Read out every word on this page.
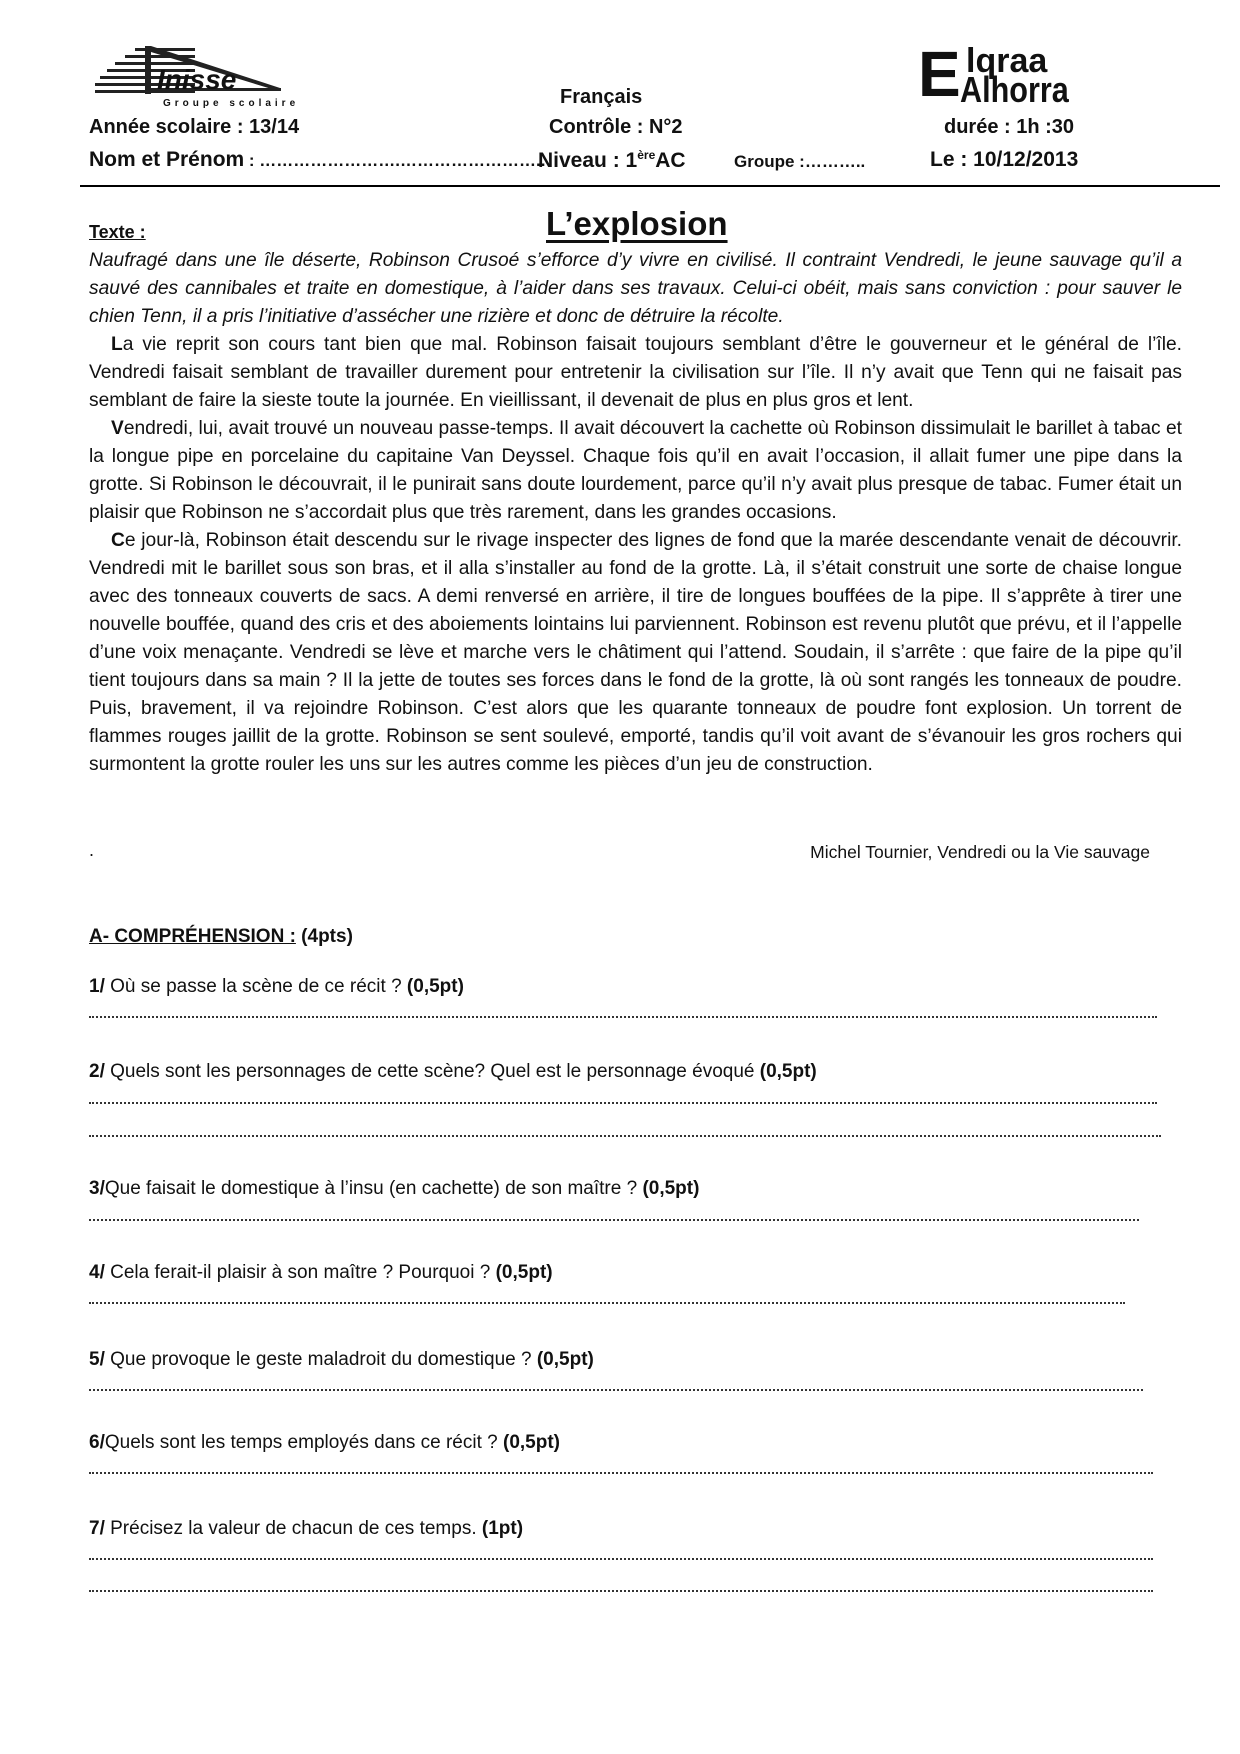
Inisse
Groupe scolaire	E lqraa
Alhorra
Français
Année scolaire : 13/14	Contrôle : N°2	durée : 1h :30
Nom et Prénom : …………………….……………………..
Niveau : 1èreAC	Groupe :………..	Le : 10/12/2013
Texte :	L’explosion
Naufragé dans une île déserte, Robinson Crusoé s’efforce d’y vivre en civilisé. Il contraint Vendredi, le jeune sauvage qu’il a sauvé des cannibales et traite en domestique, à l’aider dans ses travaux. Celui-ci obéit, mais sans conviction : pour sauver le chien Tenn, il a pris l’initiative d’assécher une rizière et donc de détruire la récolte.
La vie reprit son cours tant bien que mal. Robinson faisait toujours semblant d’être le gouverneur et le général de l’île. Vendredi faisait semblant de travailler durement pour entretenir la civilisation sur l’île. Il n’y avait que Tenn qui ne faisait pas semblant de faire la sieste toute la journée. En vieillissant, il devenait de plus en plus gros et lent.
Vendredi, lui, avait trouvé un nouveau passe-temps. Il avait découvert la cachette où Robinson dissimulait le barillet à tabac et la longue pipe en porcelaine du capitaine Van Deyssel. Chaque fois qu’il en avait l’occasion, il allait fumer une pipe dans la grotte. Si Robinson le découvrait, il le punirait sans doute lourdement, parce qu’il n’y avait plus presque de tabac. Fumer était un plaisir que Robinson ne s’accordait plus que très rarement, dans les grandes occasions.
Ce jour-là, Robinson était descendu sur le rivage inspecter des lignes de fond que la marée descendante venait de découvrir. Vendredi mit le barillet sous son bras, et il alla s’installer au fond de la grotte. Là, il s’était construit une sorte de chaise longue avec des tonneaux couverts de sacs. A demi renversé en arrière, il tire de longues bouffées de la pipe. Il s’apprête à tirer une nouvelle bouffée, quand des cris et des aboiements lointains lui parviennent. Robinson est revenu plutôt que prévu, et il l’appelle d’une voix menaçante. Vendredi se lève et marche vers le châtiment qui l’attend. Soudain, il s’arrête : que faire de la pipe qu’il tient toujours dans sa main ? Il la jette de toutes ses forces dans le fond de la grotte, là où sont rangés les tonneaux de poudre. Puis, bravement, il va rejoindre Robinson. C’est alors que les quarante tonneaux de poudre font explosion. Un torrent de flammes rouges jaillit de la grotte. Robinson se sent soulevé, emporté, tandis qu’il voit avant de s’évanouir les gros rochers qui surmontent la grotte rouler les uns sur les autres comme les pièces d’un jeu de construction.
.	Michel Tournier, Vendredi ou la Vie sauvage
A- COMPRÉHENSION : (4pts)
1/ Où se passe la scène de ce récit ? (0,5pt)
2/ Quels sont les personnages de cette scène? Quel est le personnage évoqué (0,5pt)
3/Que faisait le domestique à l’insu (en cachette) de son maître ? (0,5pt)
4/ Cela ferait-il plaisir à son maître ? Pourquoi ? (0,5pt)
5/ Que provoque le geste maladroit du domestique ? (0,5pt)
6/Quels sont les temps employés dans ce récit ? (0,5pt)
7/ Précisez la valeur de chacun de ces temps. (1pt)
